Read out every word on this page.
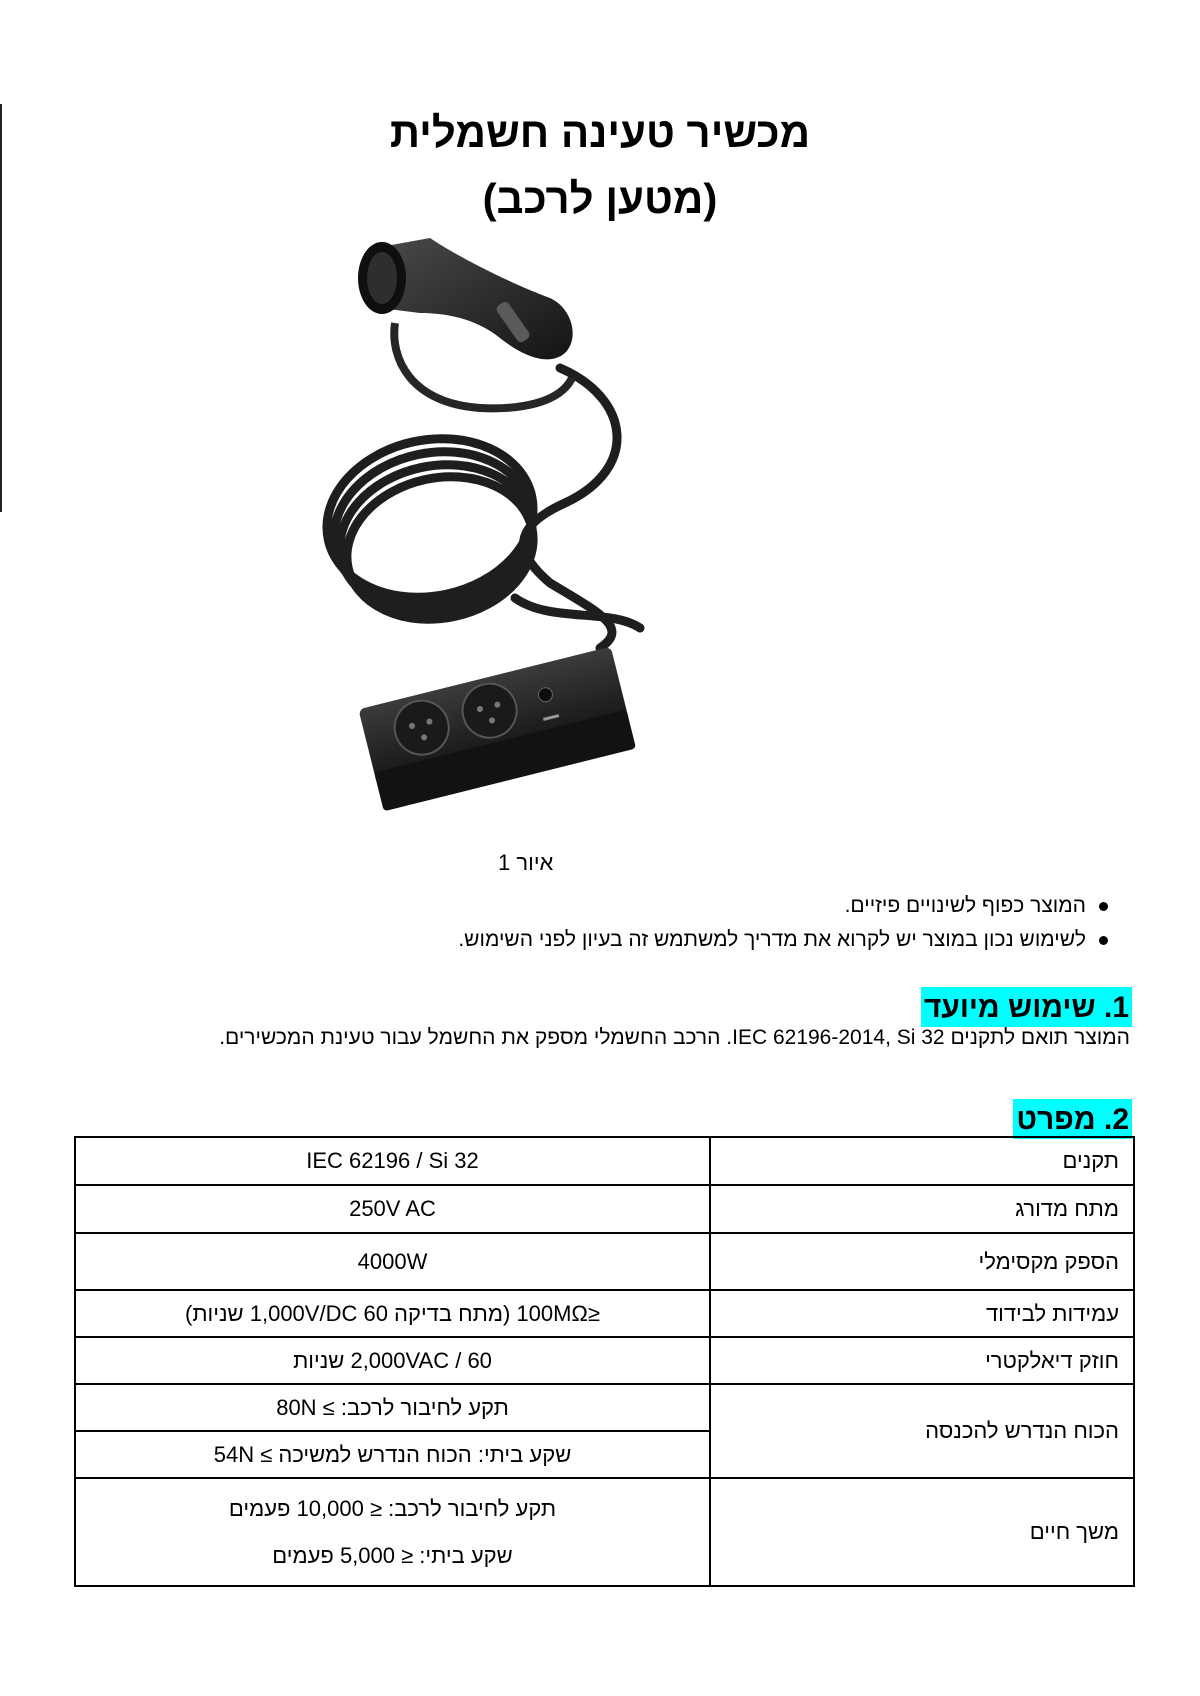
מכשיר טעינה חשמלית
(מטען לרכב)
איור 1
המוצר כפוף לשינויים פיזיים.
לשימוש נכון במוצר יש לקרוא את מדריך למשתמש זה בעיון לפני השימוש.
1. שימוש מיועד
המוצר תואם לתקנים IEC 62196-2014, Si 32. הרכב החשמלי מספק את החשמל עבור טעינת המכשירים.
2. מפרט
IEC 62196 / Si 32	תקנים
250V AC	מתח מדורג
4000W	הספק מקסימלי
≤100MΩ (מתח בדיקה 1,000V/DC 60 שניות)	עמידות לבידוד
2,000VAC / 60 שניות	חוזק דיאלקטרי
תקע לחיבור לרכב: ≥ 80N	הכוח הנדרש להכנסה
שקע ביתי: הכוח הנדרש למשיכה ≥ 54N	

תקע לחיבור לרכב: ≤ 10,000 פעמים
שקע ביתי: ≤ 5,000 פעמים	משך חיים
